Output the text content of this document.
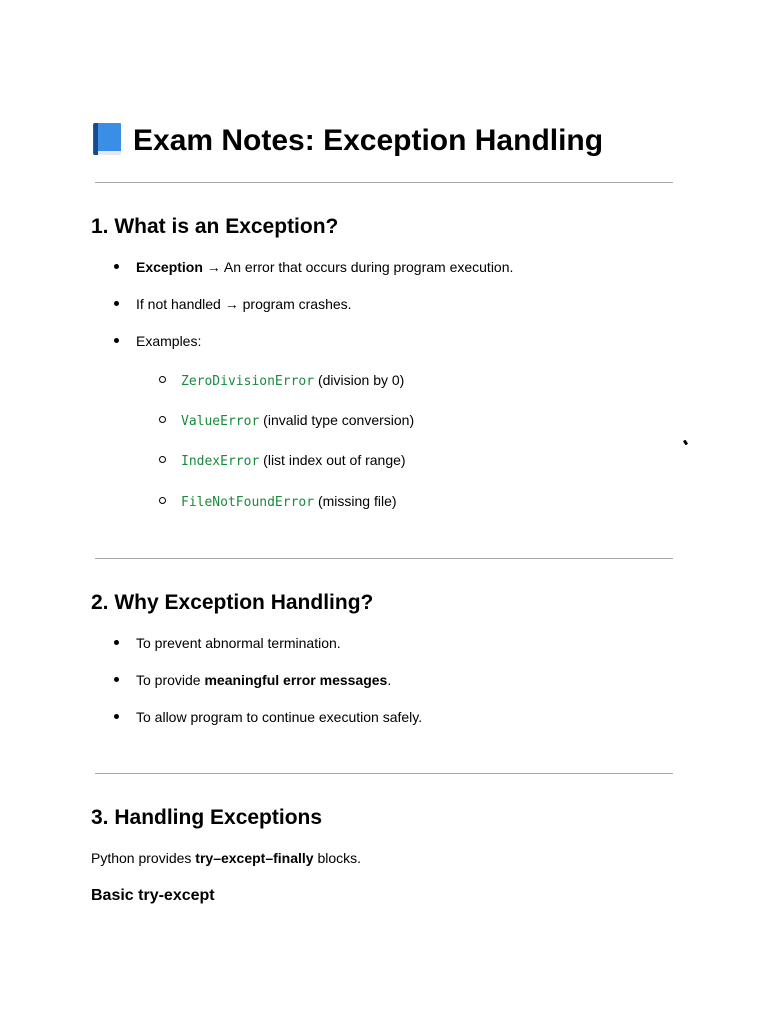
Exam Notes: Exception Handling
1. What is an Exception?
Exception → An error that occurs during program execution.
If not handled → program crashes.
Examples:
ZeroDivisionError (division by 0)
ValueError (invalid type conversion)
IndexError (list index out of range)
FileNotFoundError (missing file)
2. Why Exception Handling?
To prevent abnormal termination.
To provide meaningful error messages.
To allow program to continue execution safely.
3. Handling Exceptions
Python provides try–except–finally blocks.
Basic try-except
